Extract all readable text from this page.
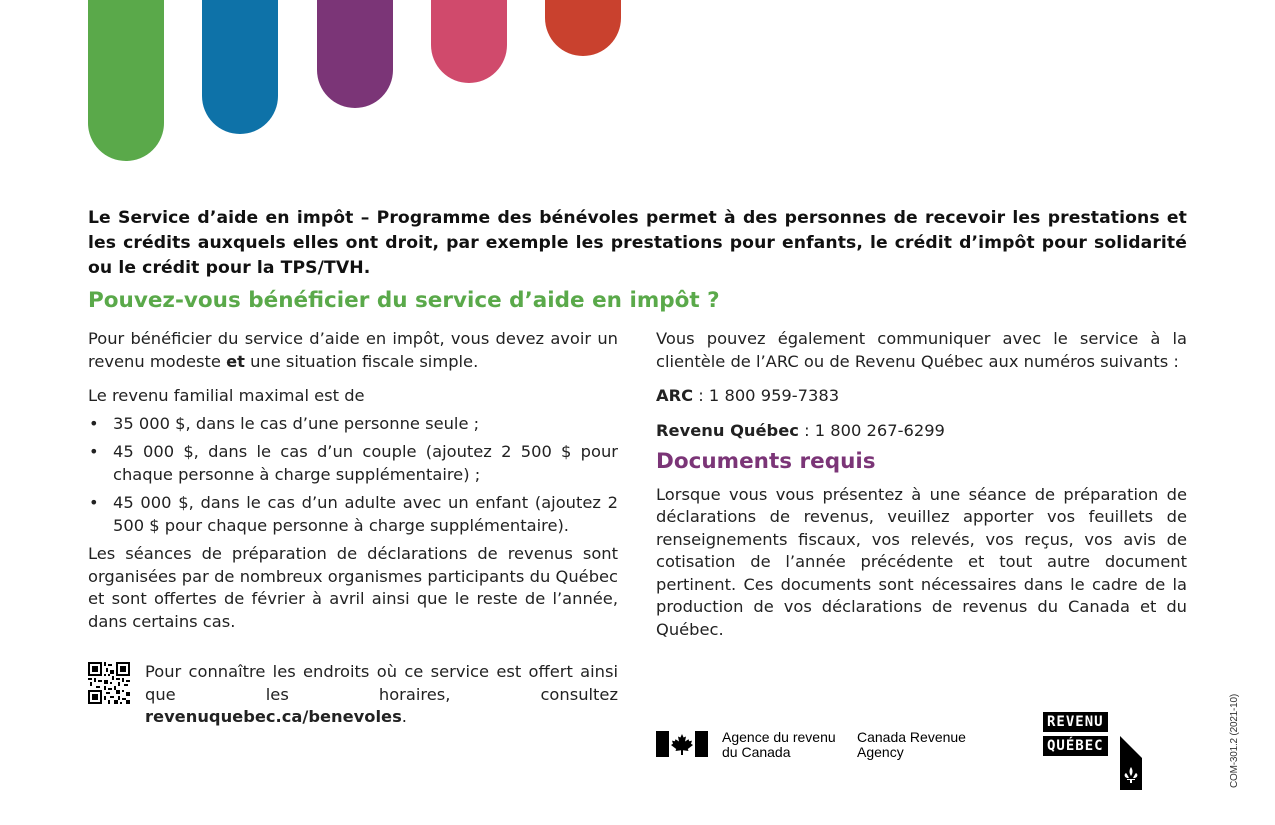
Le Service d’aide en impôt – Programme des bénévoles permet à des personnes de recevoir les prestations et les crédits auxquels elles ont droit, par exemple les prestations pour enfants, le crédit d’impôt pour solidarité ou le crédit pour la TPS/TVH.

Pouvez-vous bénéficier du service d’aide en impôt ?

Pour bénéficier du service d’aide en impôt, vous devez avoir un revenu modeste et une situation fiscale simple.

Le revenu familial maximal est de

• 35 000 $, dans le cas d’une personne seule ;
• 45 000 $, dans le cas d’un couple (ajoutez 2 500 $ pour chaque personne à charge supplémentaire) ;
• 45 000 $, dans le cas d’un adulte avec un enfant (ajoutez 2 500 $ pour chaque personne à charge supplémentaire).

Les séances de préparation de déclarations de revenus sont organisées par de nombreux organismes participants du Québec et sont offertes de février à avril ainsi que le reste de l’année, dans certains cas.

Pour connaître les endroits où ce service est offert ainsi que les horaires, consultez revenuquebec.ca/benevoles.

Vous pouvez également communiquer avec le service à la clientèle de l’ARC ou de Revenu Québec aux numéros suivants :

ARC : 1 800 959-7383

Revenu Québec : 1 800 267-6299

Documents requis

Lorsque vous vous présentez à une séance de préparation de déclarations de revenus, veuillez apporter vos feuillets de renseignements fiscaux, vos relevés, vos reçus, vos avis de cotisation de l’année précédente et tout autre document pertinent. Ces documents sont nécessaires dans le cadre de la production de vos déclarations de revenus du Canada et du Québec.

Agence du revenu
du Canada
Canada Revenue
Agency
REVENU
QUÉBEC	COM-301.2 (2021-10)
